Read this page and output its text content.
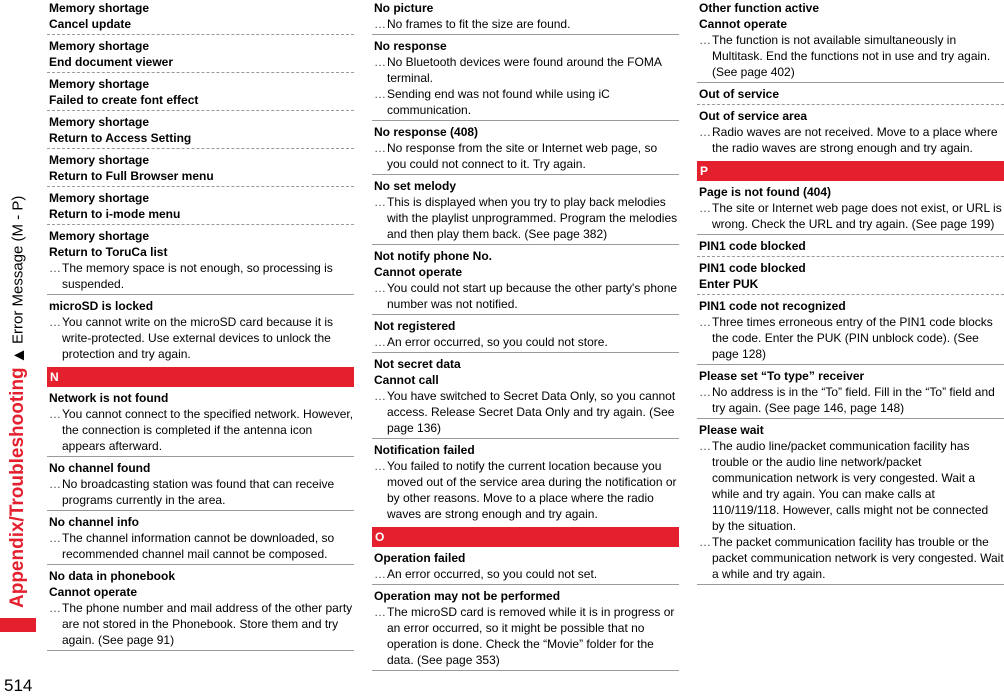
Appendix/Troubleshooting
▶
Error Message (M - P)
514
Memory shortage
Cancel update
Memory shortage
End document viewer
Memory shortage
Failed to create font effect
Memory shortage
Return to Access Setting
Memory shortage
Return to Full Browser menu
Memory shortage
Return to i-mode menu
Memory shortage
Return to ToruCa list
… The memory space is not enough, so processing is suspended.
microSD is locked
… You cannot write on the microSD card because it is write-protected. Use external devices to unlock the protection and try again.
N
Network is not found
… You cannot connect to the specified network. However, the connection is completed if the antenna icon appears afterward.
No channel found
… No broadcasting station was found that can receive programs currently in the area.
No channel info
… The channel information cannot be downloaded, so recommended channel mail cannot be composed.
No data in phonebook
Cannot operate
… The phone number and mail address of the other party are not stored in the Phonebook. Store them and try again. (See page 91)
No picture
… No frames to fit the size are found.
No response
… No Bluetooth devices were found around the FOMA terminal.
… Sending end was not found while using iC communication.
No response (408)
… No response from the site or Internet web page, so you could not connect to it. Try again.
No set melody
… This is displayed when you try to play back melodies with the playlist unprogrammed. Program the melodies and then play them back. (See page 382)
Not notify phone No.
Cannot operate
… You could not start up because the other party's phone number was not notified.
Not registered
… An error occurred, so you could not store.
Not secret data
Cannot call
… You have switched to Secret Data Only, so you cannot access. Release Secret Data Only and try again. (See page 136)
Notification failed
… You failed to notify the current location because you moved out of the service area during the notification or by other reasons. Move to a place where the radio waves are strong enough and try again.
O
Operation failed
… An error occurred, so you could not set.
Operation may not be performed
… The microSD card is removed while it is in progress or an error occurred, so it might be possible that no operation is done. Check the “Movie” folder for the data. (See page 353)
Other function active
Cannot operate
… The function is not available simultaneously in Multitask. End the functions not in use and try again. (See page 402)
Out of service
Out of service area
… Radio waves are not received. Move to a place where the radio waves are strong enough and try again.
P
Page is not found (404)
… The site or Internet web page does not exist, or URL is wrong. Check the URL and try again. (See page 199)
PIN1 code blocked
PIN1 code blocked
Enter PUK
PIN1 code not recognized
… Three times erroneous entry of the PIN1 code blocks the code. Enter the PUK (PIN unblock code). (See page 128)
Please set “To type” receiver
… No address is in the “To” field. Fill in the “To” field and try again. (See page 146, page 148)
Please wait
… The audio line/packet communication facility has trouble or the audio line network/packet communication network is very congested. Wait a while and try again. You can make calls at 110/119/118. However, calls might not be connected by the situation.
… The packet communication facility has trouble or the packet communication network is very congested. Wait a while and try again.
